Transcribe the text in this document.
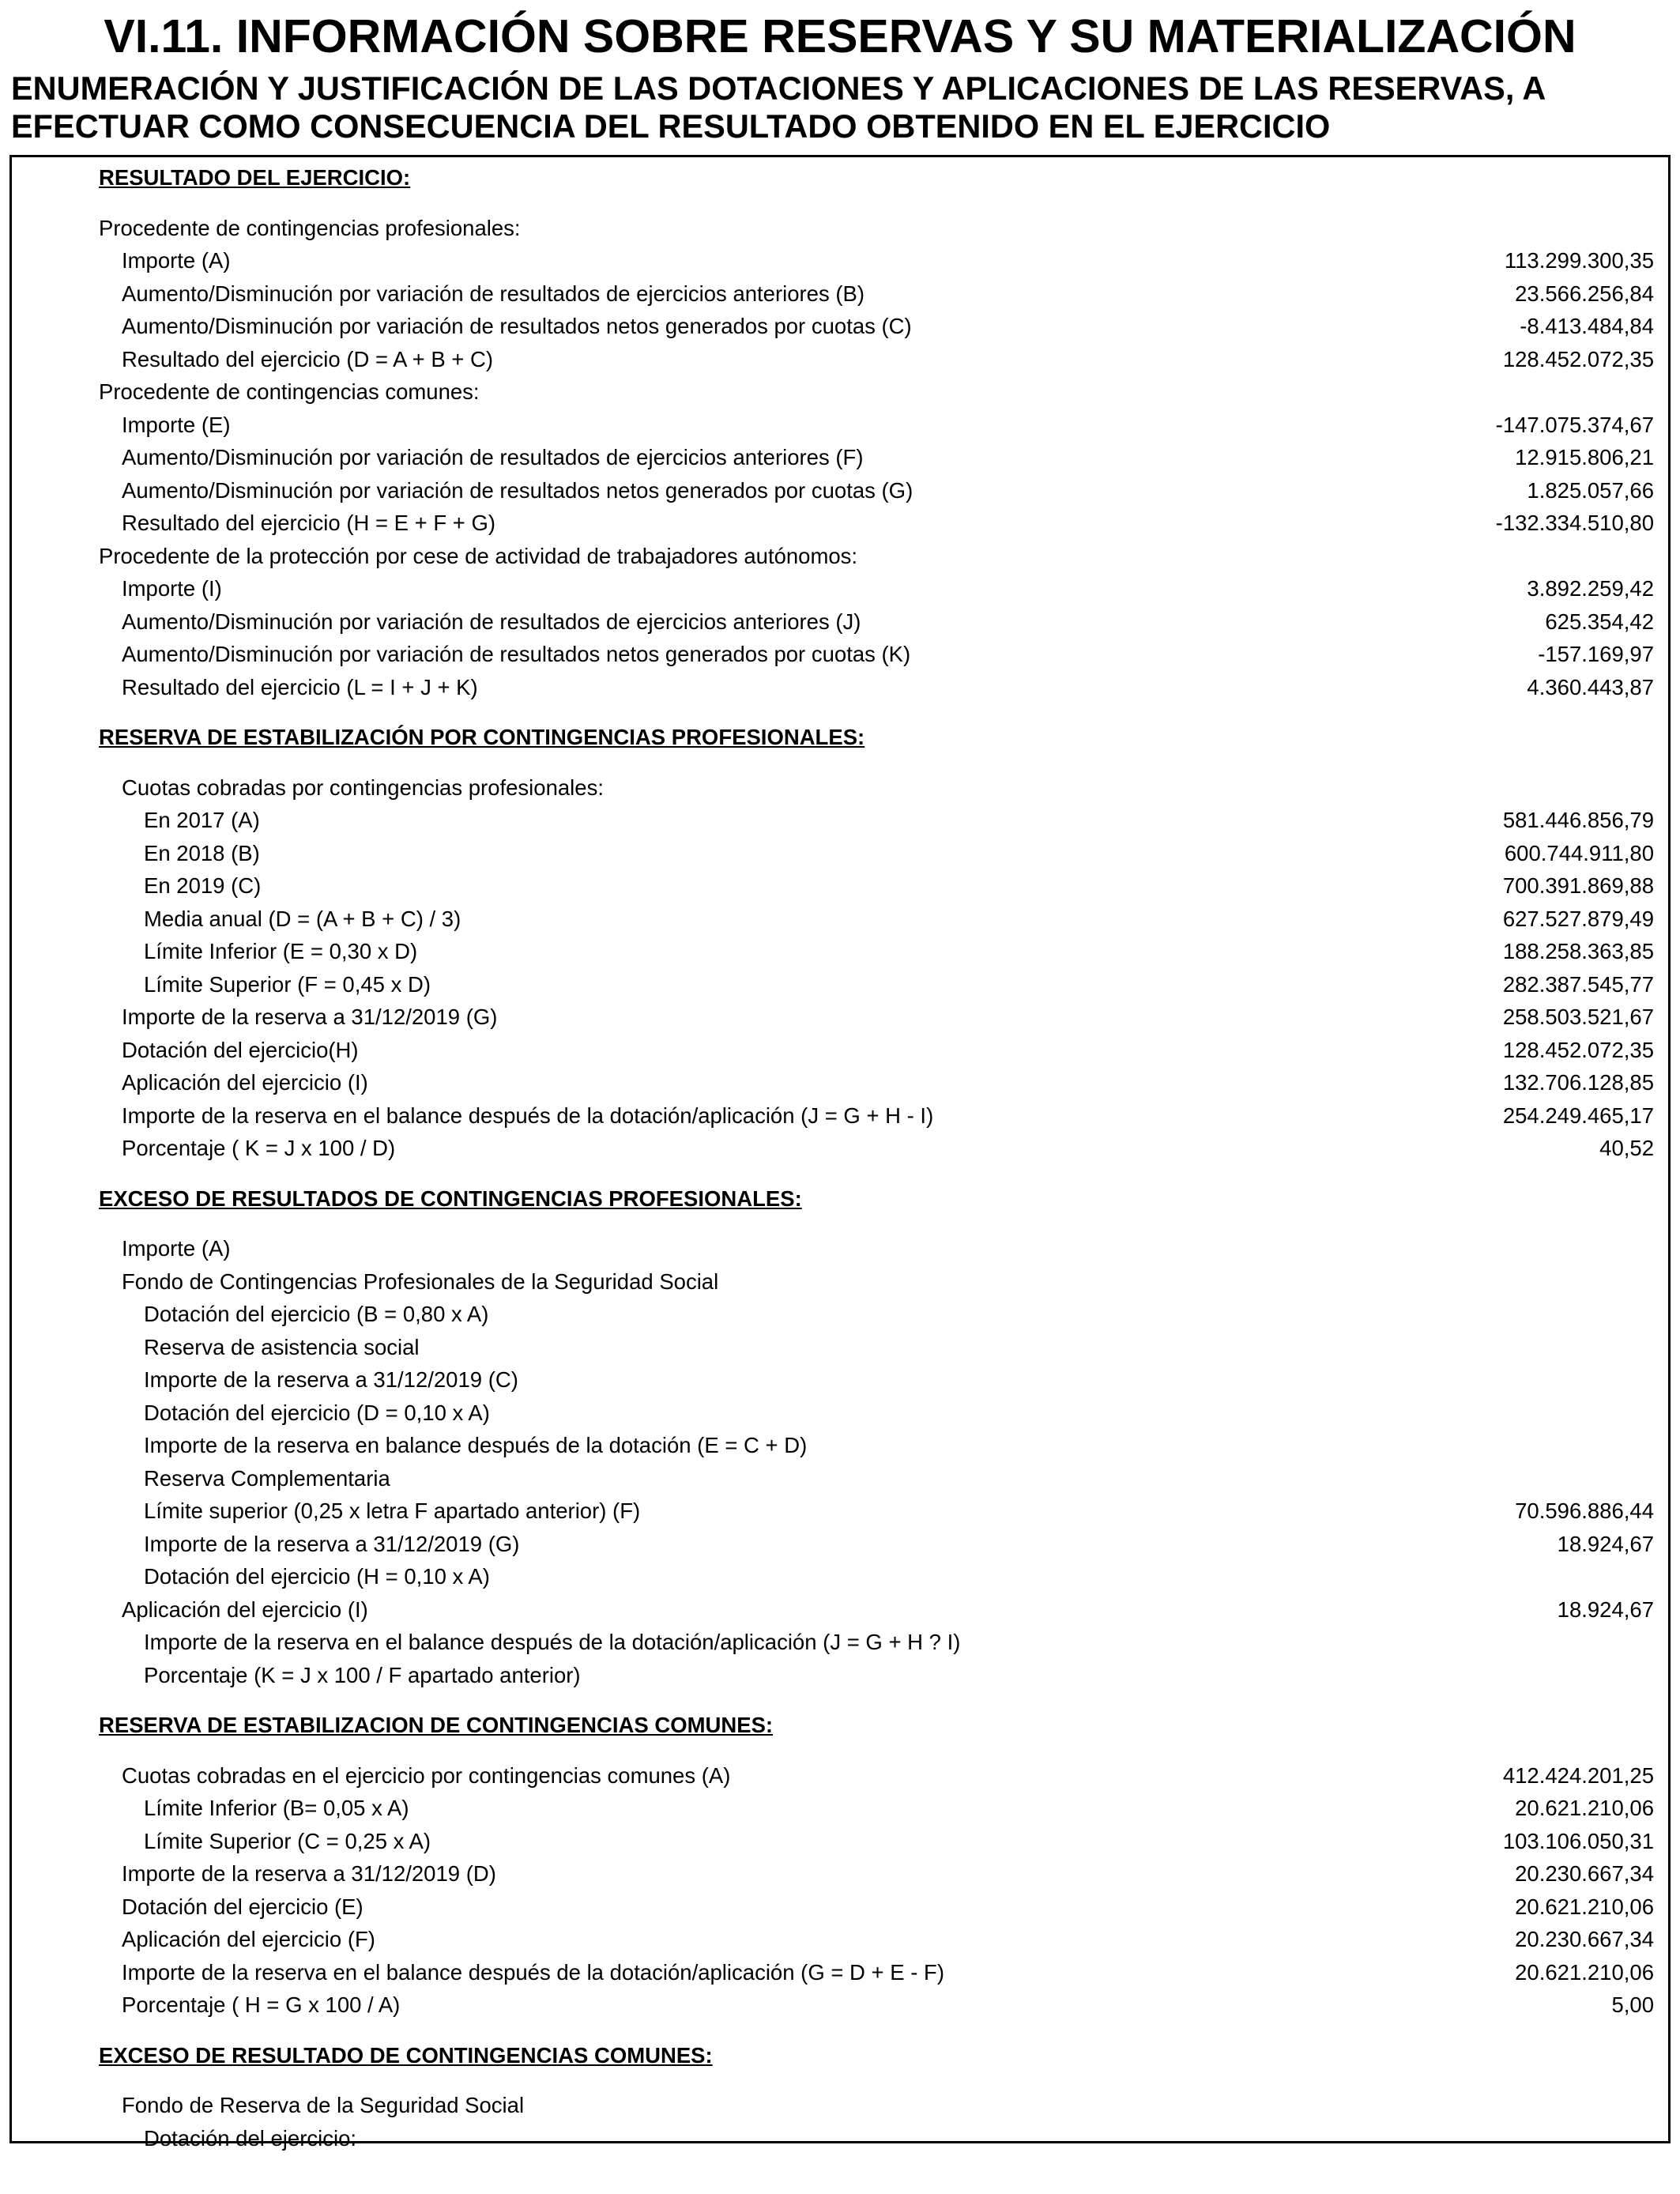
VI.11. INFORMACIÓN SOBRE RESERVAS Y SU MATERIALIZACIÓN
ENUMERACIÓN Y JUSTIFICACIÓN DE LAS DOTACIONES Y APLICACIONES DE LAS RESERVAS, A
EFECTUAR COMO CONSECUENCIA DEL RESULTADO OBTENIDO EN EL EJERCICIO
RESULTADO DEL EJERCICIO:
Procedente de contingencias profesionales:
Importe (A)	113.299.300,35
Aumento/Disminución por variación de resultados de ejercicios anteriores (B)	23.566.256,84
Aumento/Disminución por variación de resultados netos generados por cuotas (C)	-8.413.484,84
Resultado del ejercicio (D = A + B + C)	128.452.072,35
Procedente de contingencias comunes:
Importe (E)	-147.075.374,67
Aumento/Disminución por variación de resultados de ejercicios anteriores (F)	12.915.806,21
Aumento/Disminución por variación de resultados netos generados por cuotas (G)	1.825.057,66
Resultado del ejercicio (H = E + F + G)	-132.334.510,80
Procedente de la protección por cese de actividad de trabajadores autónomos:
Importe (I)	3.892.259,42
Aumento/Disminución por variación de resultados de ejercicios anteriores (J)	625.354,42
Aumento/Disminución por variación de resultados netos generados por cuotas (K)	-157.169,97
Resultado del ejercicio (L = I + J + K)	4.360.443,87
RESERVA DE ESTABILIZACIÓN POR CONTINGENCIAS PROFESIONALES:
Cuotas cobradas por contingencias profesionales:
En 2017 (A)	581.446.856,79
En 2018 (B)	600.744.911,80
En 2019 (C)	700.391.869,88
Media anual (D = (A + B + C) / 3)	627.527.879,49
Límite Inferior (E = 0,30 x D)	188.258.363,85
Límite Superior (F = 0,45 x D)	282.387.545,77
Importe de la reserva a 31/12/2019 (G)	258.503.521,67
Dotación del ejercicio(H)	128.452.072,35
Aplicación del ejercicio (I)	132.706.128,85
Importe de la reserva en el balance después de la dotación/aplicación (J = G + H - I)	254.249.465,17
Porcentaje ( K = J x 100 / D)	40,52
EXCESO DE RESULTADOS DE CONTINGENCIAS PROFESIONALES:
Importe (A)
Fondo de Contingencias Profesionales de la Seguridad Social
Dotación del ejercicio (B = 0,80 x A)
Reserva de asistencia social
Importe de la reserva a 31/12/2019 (C)
Dotación del ejercicio (D = 0,10 x A)
Importe de la reserva en balance después de la dotación (E = C + D)
Reserva Complementaria
Límite superior (0,25 x letra F apartado anterior) (F)	70.596.886,44
Importe de la reserva a 31/12/2019 (G)	18.924,67
Dotación del ejercicio (H = 0,10 x A)
Aplicación del ejercicio (I)	18.924,67
Importe de la reserva en el balance después de la dotación/aplicación (J = G + H ? I)
Porcentaje (K = J x 100 / F apartado anterior)
RESERVA DE ESTABILIZACION DE CONTINGENCIAS COMUNES:
Cuotas cobradas en el ejercicio por contingencias comunes (A)	412.424.201,25
Límite Inferior (B= 0,05 x A)	20.621.210,06
Límite Superior (C = 0,25 x A)	103.106.050,31
Importe de la reserva a 31/12/2019 (D)	20.230.667,34
Dotación del ejercicio (E)	20.621.210,06
Aplicación del ejercicio (F)	20.230.667,34
Importe de la reserva en el balance después de la dotación/aplicación (G = D + E - F)	20.621.210,06
Porcentaje ( H = G x 100 / A)	5,00
EXCESO DE RESULTADO DE CONTINGENCIAS COMUNES:
Fondo de Reserva de la Seguridad Social
Dotación del ejercicio:
